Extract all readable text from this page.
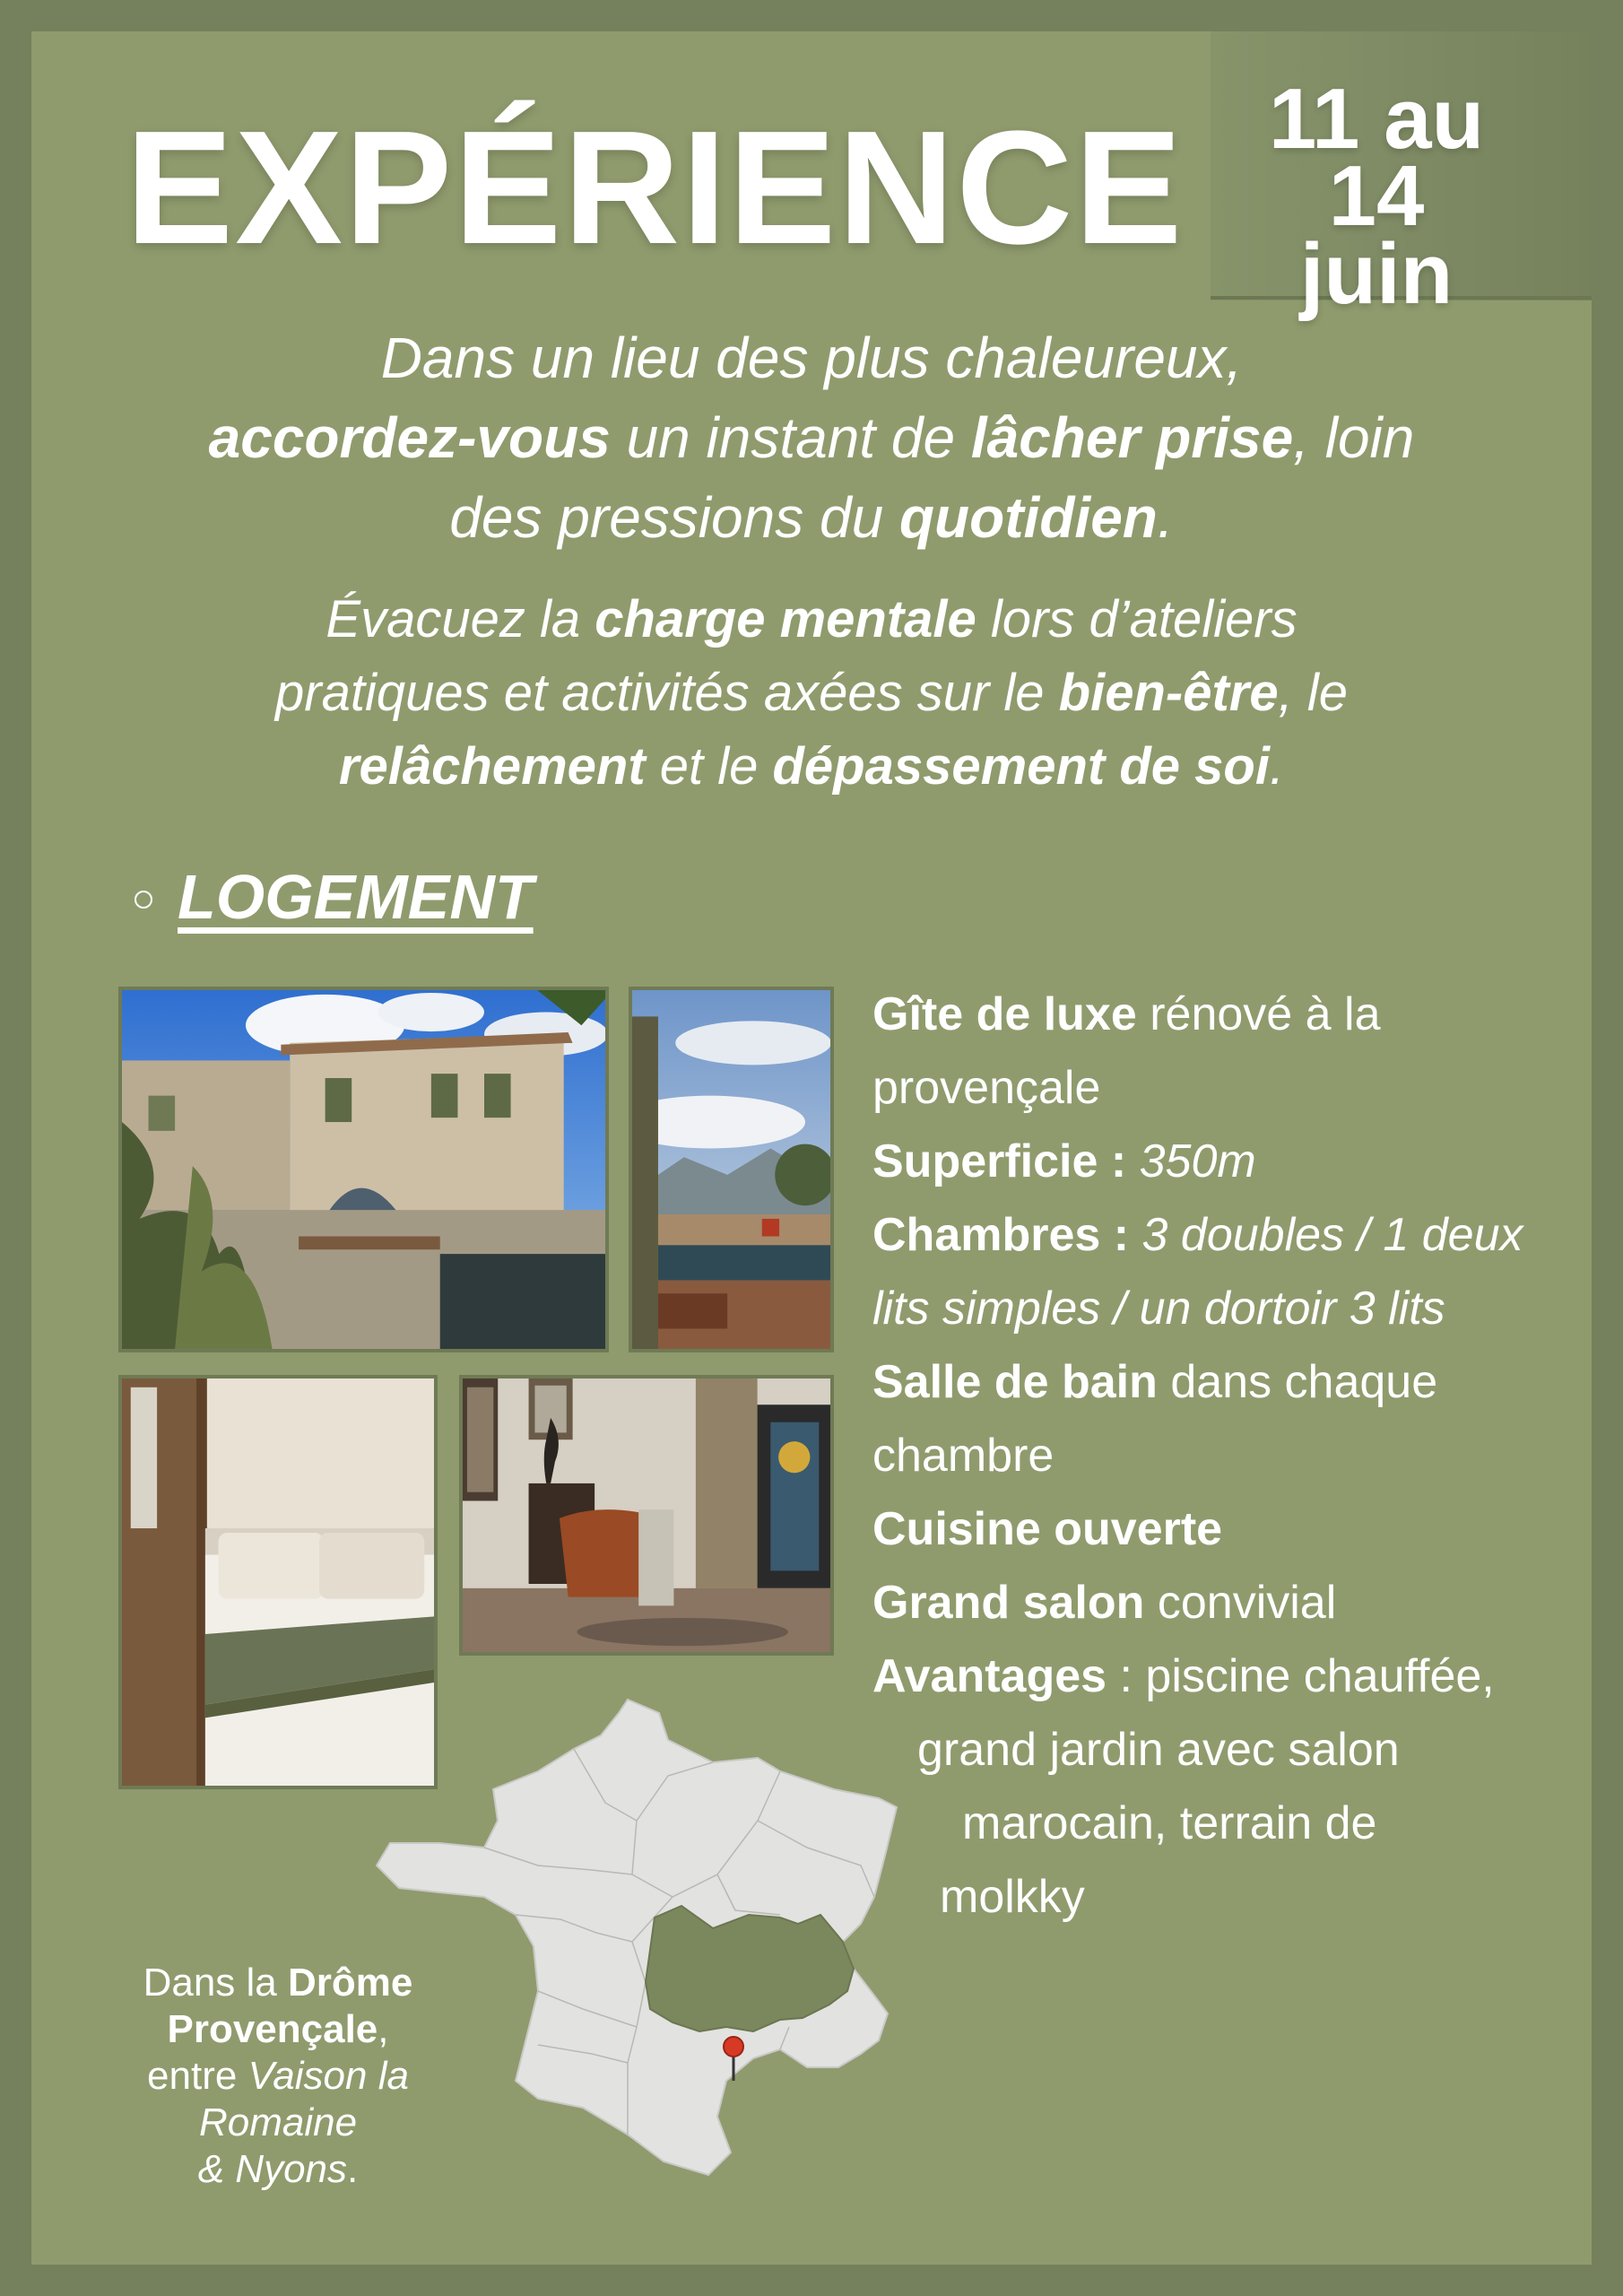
EXPÉRIENCE 11 au 14
juin
Dans un lieu des plus chaleureux,
accordez-vous un instant de lâcher prise, loin
des pressions du quotidien.
Évacuez la charge mentale lors d’ateliers
pratiques et activités axées sur le bien-être, le
relâchement et le dépassement de soi.
LOGEMENT

Gîte de luxe rénové à la

provençale

Superficie : 350m

Chambres : 3 doubles / 1 deux

lits simples / un dortoir 3 lits

Salle de bain dans chaque

chambre

Cuisine ouverte

Grand salon convivial

Avantages : piscine chauffée,

grand jardin avec salon

marocain, terrain de

molkky

Dans la Drôme
Provençale,
entre Vaison la
Romaine
& Nyons.
